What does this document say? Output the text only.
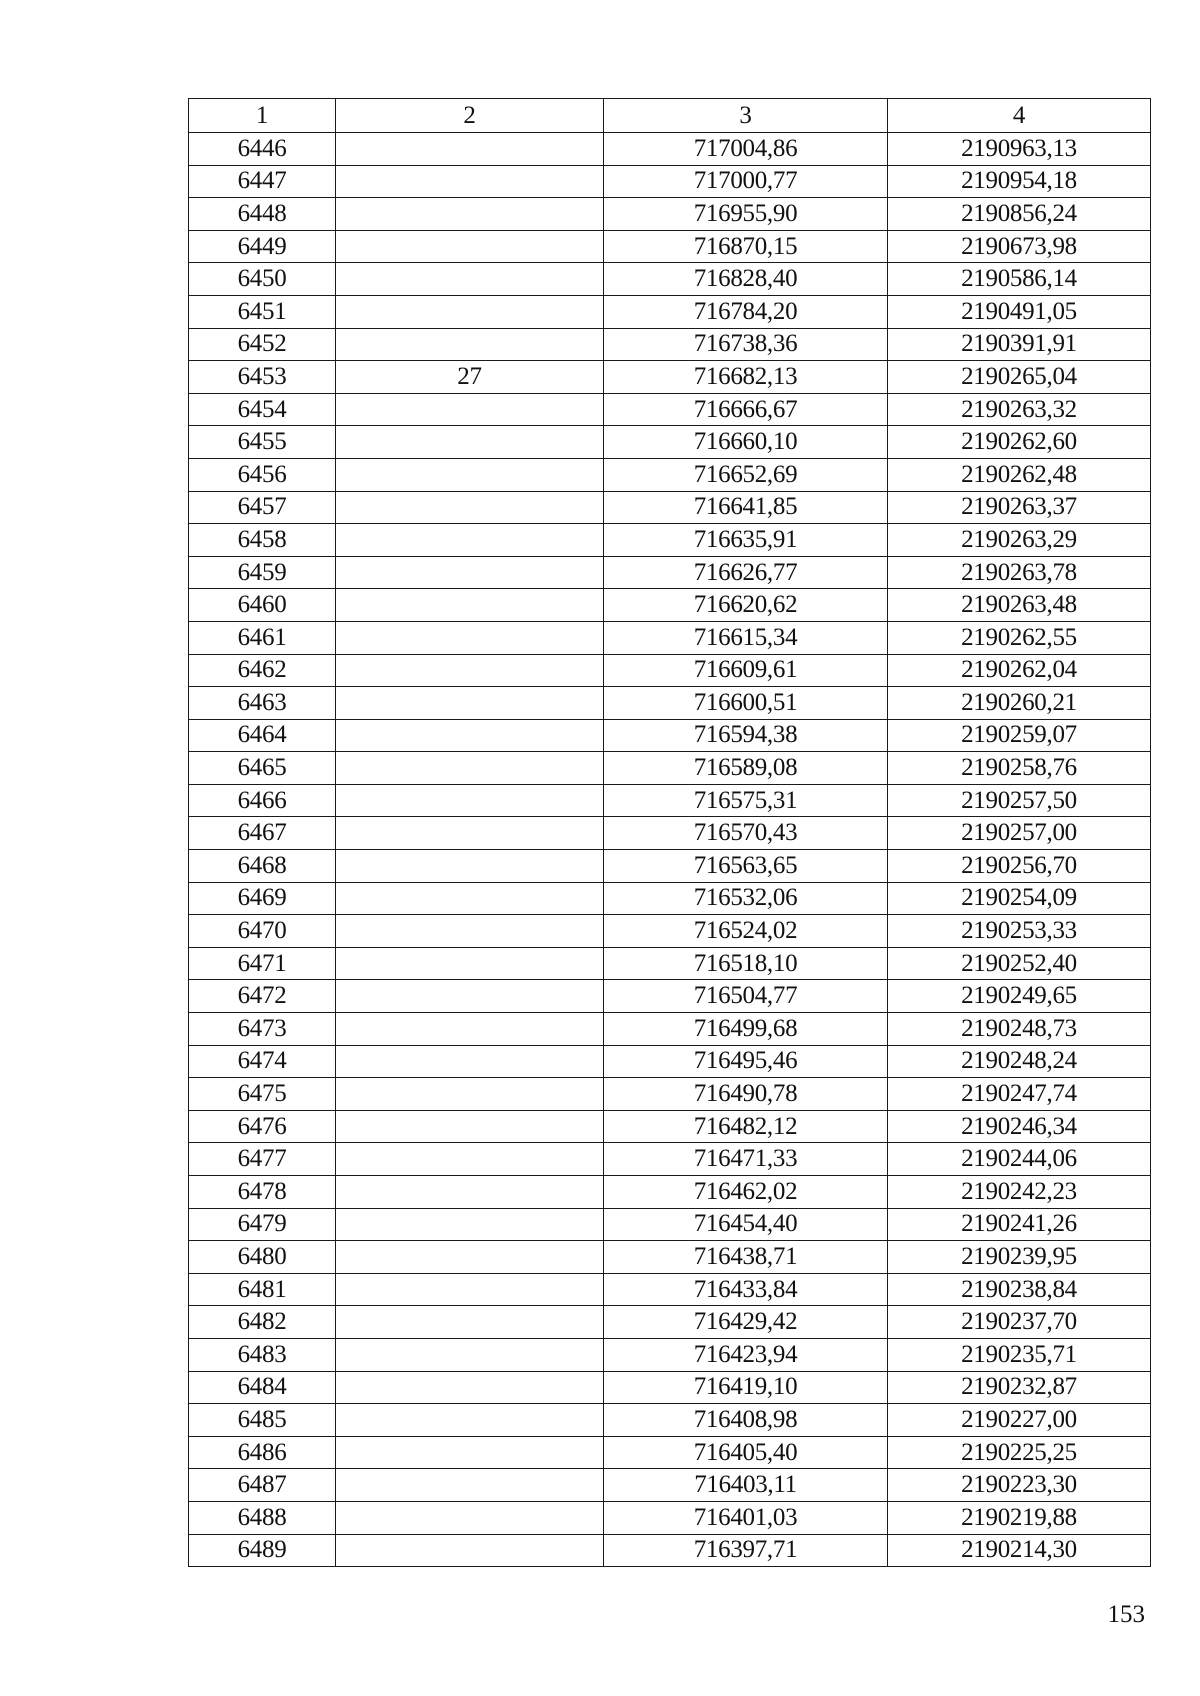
1	2	3	4
6446		717004,86	2190963,13
6447		717000,77	2190954,18
6448		716955,90	2190856,24
6449		716870,15	2190673,98
6450		716828,40	2190586,14
6451		716784,20	2190491,05
6452		716738,36	2190391,91
6453	27	716682,13	2190265,04
6454		716666,67	2190263,32
6455		716660,10	2190262,60
6456		716652,69	2190262,48
6457		716641,85	2190263,37
6458		716635,91	2190263,29
6459		716626,77	2190263,78
6460		716620,62	2190263,48
6461		716615,34	2190262,55
6462		716609,61	2190262,04
6463		716600,51	2190260,21
6464		716594,38	2190259,07
6465		716589,08	2190258,76
6466		716575,31	2190257,50
6467		716570,43	2190257,00
6468		716563,65	2190256,70
6469		716532,06	2190254,09
6470		716524,02	2190253,33
6471		716518,10	2190252,40
6472		716504,77	2190249,65
6473		716499,68	2190248,73
6474		716495,46	2190248,24
6475		716490,78	2190247,74
6476		716482,12	2190246,34
6477		716471,33	2190244,06
6478		716462,02	2190242,23
6479		716454,40	2190241,26
6480		716438,71	2190239,95
6481		716433,84	2190238,84
6482		716429,42	2190237,70
6483		716423,94	2190235,71
6484		716419,10	2190232,87
6485		716408,98	2190227,00
6486		716405,40	2190225,25
6487		716403,11	2190223,30
6488		716401,03	2190219,88
6489		716397,71	2190214,30
153
